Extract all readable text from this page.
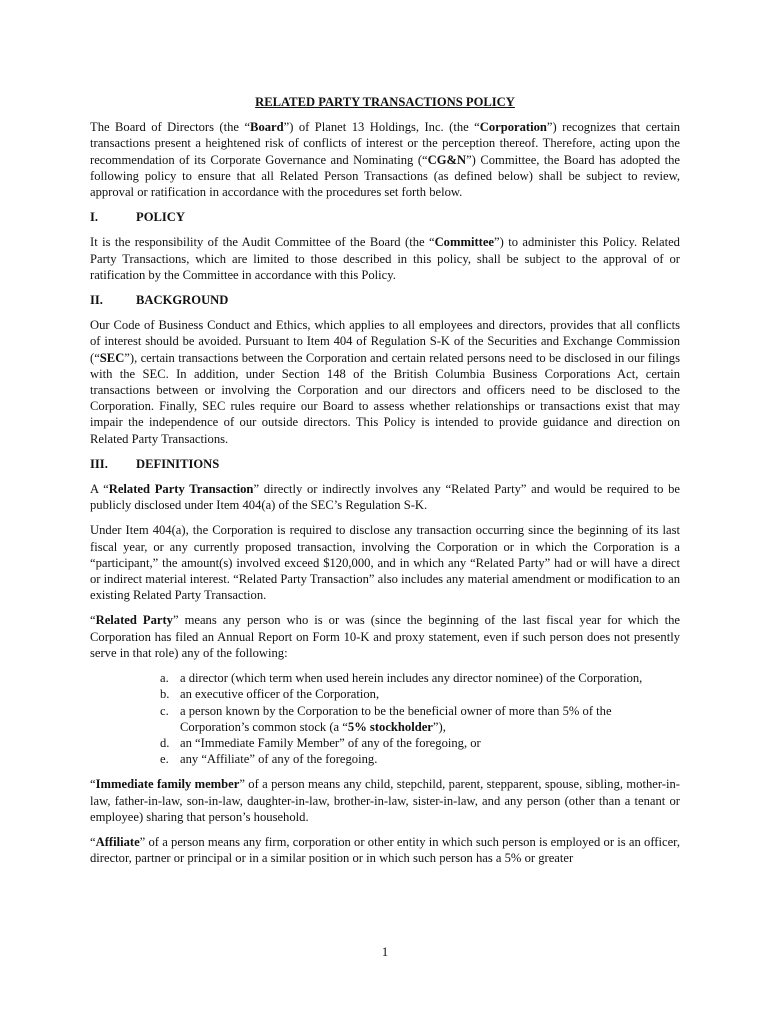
RELATED PARTY TRANSACTIONS POLICY

The Board of Directors (the “Board”) of Planet 13 Holdings, Inc. (the “Corporation”) recognizes that certain transactions present a heightened risk of conflicts of interest or the perception thereof. Therefore, acting upon the recommendation of its Corporate Governance and Nominating (“CG&N”) Committee, the Board has adopted the following policy to ensure that all Related Person Transactions (as defined below) shall be subject to review, approval or ratification in accordance with the procedures set forth below.

I.	POLICY

It is the responsibility of the Audit Committee of the Board (the “Committee”) to administer this Policy. Related Party Transactions, which are limited to those described in this policy, shall be subject to the approval of or ratification by the Committee in accordance with this Policy.

II.	BACKGROUND

Our Code of Business Conduct and Ethics, which applies to all employees and directors, provides that all conflicts of interest should be avoided. Pursuant to Item 404 of Regulation S-K of the Securities and Exchange Commission (“SEC”), certain transactions between the Corporation and certain related persons need to be disclosed in our filings with the SEC. In addition, under Section 148 of the British Columbia Business Corporations Act, certain transactions between or involving the Corporation and our directors and officers need to be disclosed to the Corporation. Finally, SEC rules require our Board to assess whether relationships or transactions exist that may impair the independence of our outside directors. This Policy is intended to provide guidance and direction on Related Party Transactions.

III.	DEFINITIONS

A “Related Party Transaction” directly or indirectly involves any “Related Party” and would be required to be publicly disclosed under Item 404(a) of the SEC’s Regulation S-K.

Under Item 404(a), the Corporation is required to disclose any transaction occurring since the beginning of its last fiscal year, or any currently proposed transaction, involving the Corporation or in which the Corporation is a “participant,” the amount(s) involved exceed $120,000, and in which any “Related Party” had or will have a direct or indirect material interest. “Related Party Transaction” also includes any material amendment or modification to an existing Related Party Transaction.

“Related Party” means any person who is or was (since the beginning of the last fiscal year for which the Corporation has filed an Annual Report on Form 10-K and proxy statement, even if such person does not presently serve in that role) any of the following:

a. a director (which term when used herein includes any director nominee) of the Corporation,
b. an executive officer of the Corporation,
c. a person known by the Corporation to be the beneficial owner of more than 5% of the Corporation’s common stock (a “5% stockholder”),
d. an “Immediate Family Member” of any of the foregoing, or
e. any “Affiliate” of any of the foregoing.

“Immediate family member” of a person means any child, stepchild, parent, stepparent, spouse, sibling, mother-in-law, father-in-law, son-in-law, daughter-in-law, brother-in-law, sister-in-law, and any person (other than a tenant or employee) sharing that person’s household.

“Affiliate” of a person means any firm, corporation or other entity in which such person is employed or is an officer, director, partner or principal or in a similar position or in which such person has a 5% or greater

1
